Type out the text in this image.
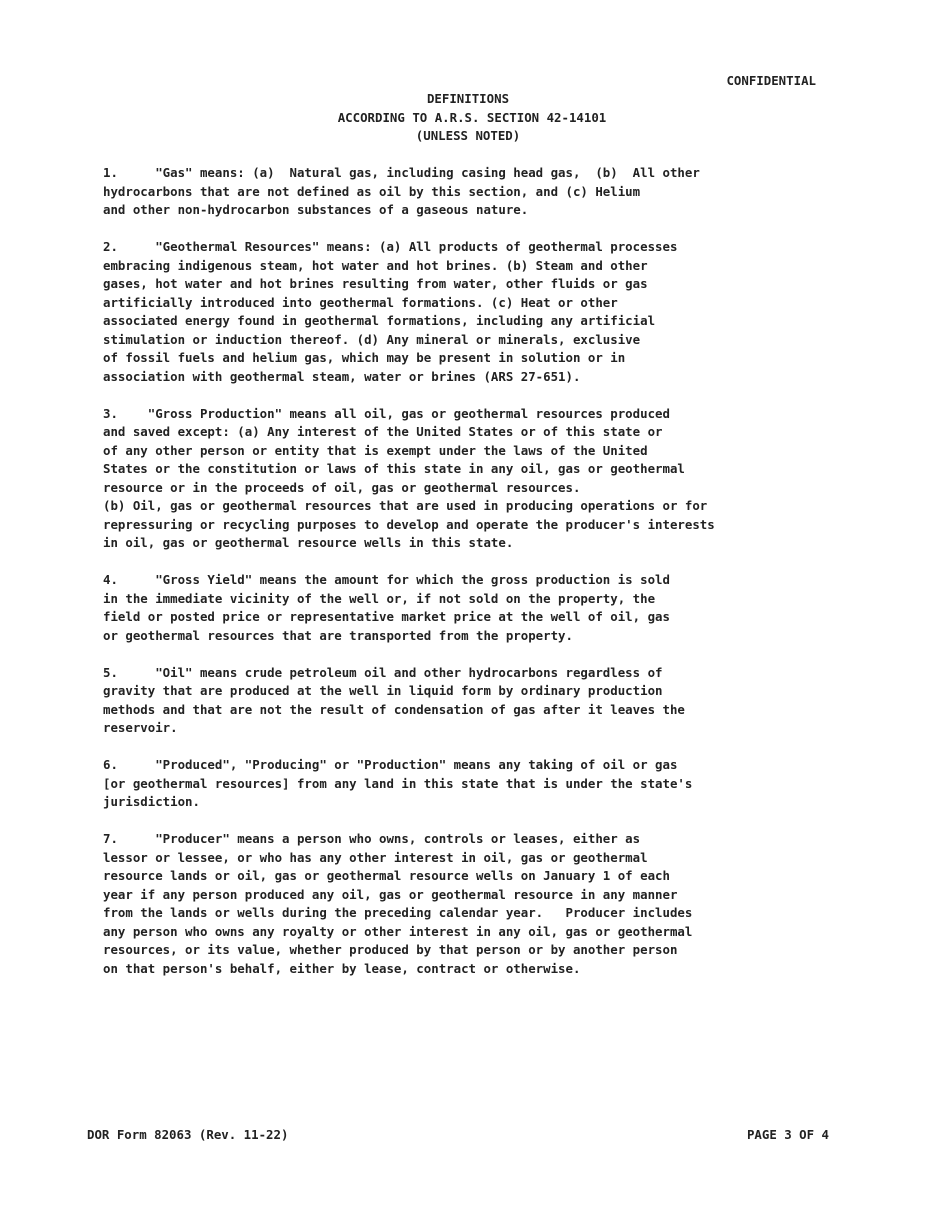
CONFIDENTIAL
DEFINITIONS
ACCORDING TO A.R.S. SECTION 42-14101
(UNLESS NOTED)
1.     "Gas" means: (a)  Natural gas, including casing head gas,  (b)  All other
hydrocarbons that are not defined as oil by this section, and (c) Helium
and other non-hydrocarbon substances of a gaseous nature.
2.     "Geothermal Resources" means: (a) All products of geothermal processes
embracing indigenous steam, hot water and hot brines. (b) Steam and other
gases, hot water and hot brines resulting from water, other fluids or gas
artificially introduced into geothermal formations. (c) Heat or other
associated energy found in geothermal formations, including any artificial
stimulation or induction thereof. (d) Any mineral or minerals, exclusive
of fossil fuels and helium gas, which may be present in solution or in
association with geothermal steam, water or brines (ARS 27-651).
3.    "Gross Production" means all oil, gas or geothermal resources produced
and saved except: (a) Any interest of the United States or of this state or
of any other person or entity that is exempt under the laws of the United
States or the constitution or laws of this state in any oil, gas or geothermal
resource or in the proceeds of oil, gas or geothermal resources.
(b) Oil, gas or geothermal resources that are used in producing operations or for
repressuring or recycling purposes to develop and operate the producer's interests
in oil, gas or geothermal resource wells in this state.
4.     "Gross Yield" means the amount for which the gross production is sold
in the immediate vicinity of the well or, if not sold on the property, the
field or posted price or representative market price at the well of oil, gas
or geothermal resources that are transported from the property.
5.     "Oil" means crude petroleum oil and other hydrocarbons regardless of
gravity that are produced at the well in liquid form by ordinary production
methods and that are not the result of condensation of gas after it leaves the
reservoir.
6.     "Produced", "Producing" or "Production" means any taking of oil or gas
[or geothermal resources] from any land in this state that is under the state's
jurisdiction.
7.     "Producer" means a person who owns, controls or leases, either as
lessor or lessee, or who has any other interest in oil, gas or geothermal
resource lands or oil, gas or geothermal resource wells on January 1 of each
year if any person produced any oil, gas or geothermal resource in any manner
from the lands or wells during the preceding calendar year.   Producer includes
any person who owns any royalty or other interest in any oil, gas or geothermal
resources, or its value, whether produced by that person or by another person
on that person's behalf, either by lease, contract or otherwise.
DOR Form 82063 (Rev. 11-22)	PAGE 3 OF 4
